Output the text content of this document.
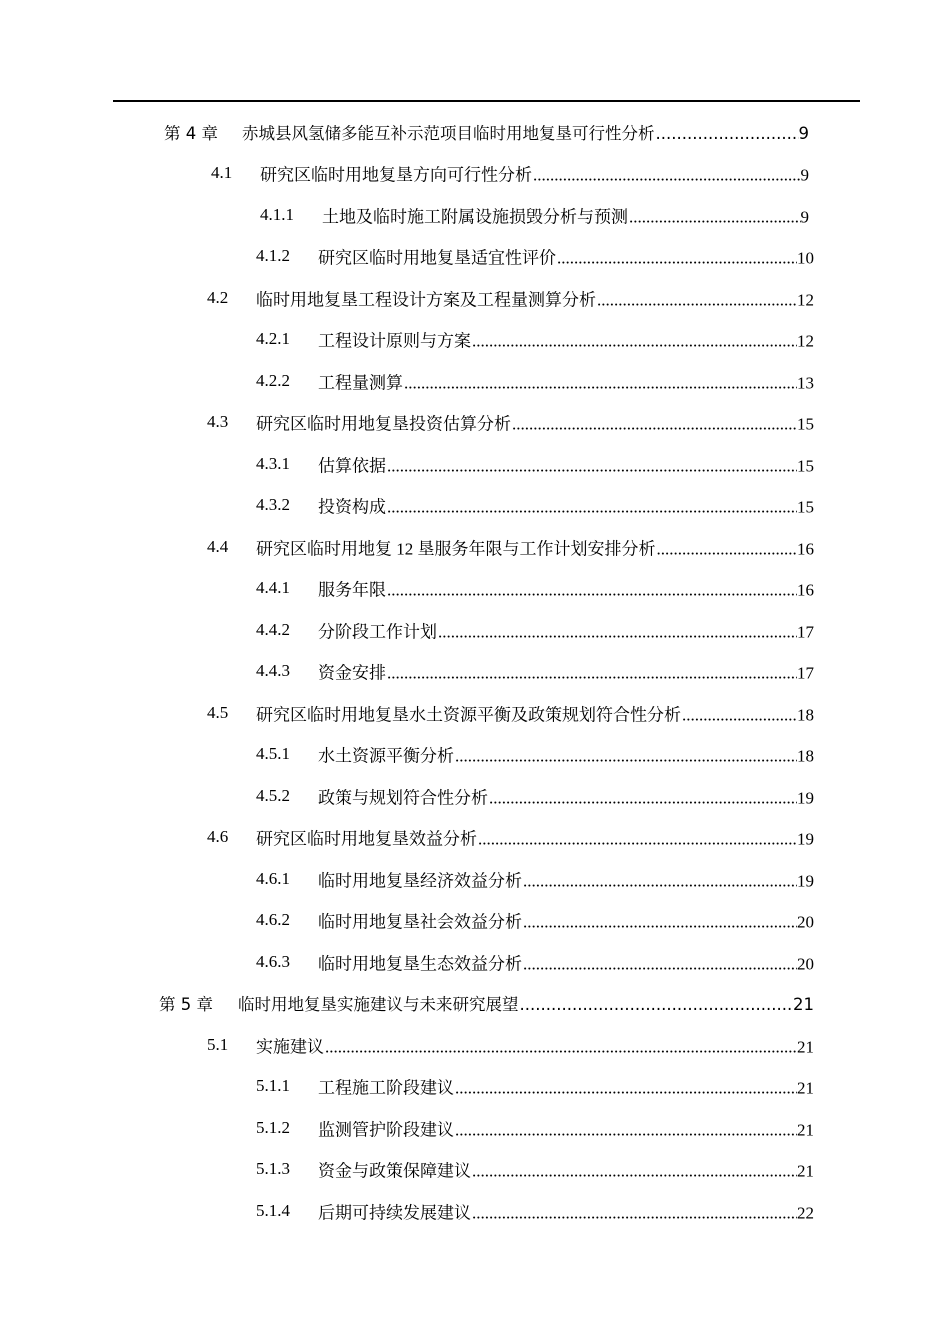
第 4 章 赤城县风氢储多能互补示范项目临时用地复垦可行性分析 .....	9
4.1 研究区临时用地复垦方向可行性分析 .....	9
4.1.1 土地及临时施工附属设施损毁分析与预测 .....	9
4.1.2 研究区临时用地复垦适宜性评价 .....	10
4.2 临时用地复垦工程设计方案及工程量测算分析 .....	12
4.2.1 工程设计原则与方案 .....	12
4.2.2 工程量测算 .....	13
4.3 研究区临时用地复垦投资估算分析 .....	15
4.3.1 估算依据 .....	15
4.3.2 投资构成 .....	15
4.4 研究区临时用地复 12 垦服务年限与工作计划安排分析 .....	16
4.4.1 服务年限 .....	16
4.4.2 分阶段工作计划 .....	17
4.4.3 资金安排 .....	17
4.5 研究区临时用地复垦水土资源平衡及政策规划符合性分析 .....	18
4.5.1 水土资源平衡分析 .....	18
4.5.2 政策与规划符合性分析 .....	19
4.6 研究区临时用地复垦效益分析 .....	19
4.6.1 临时用地复垦经济效益分析 .....	19
4.6.2 临时用地复垦社会效益分析 .....	20
4.6.3 临时用地复垦生态效益分析 .....	20
第 5 章 临时用地复垦实施建议与未来研究展望 .....	21
5.1 实施建议 .....	21
5.1.1 工程施工阶段建议 .....	21
5.1.2 监测管护阶段建议 .....	21
5.1.3 资金与政策保障建议 .....	21
5.1.4 后期可持续发展建议 .....	22
